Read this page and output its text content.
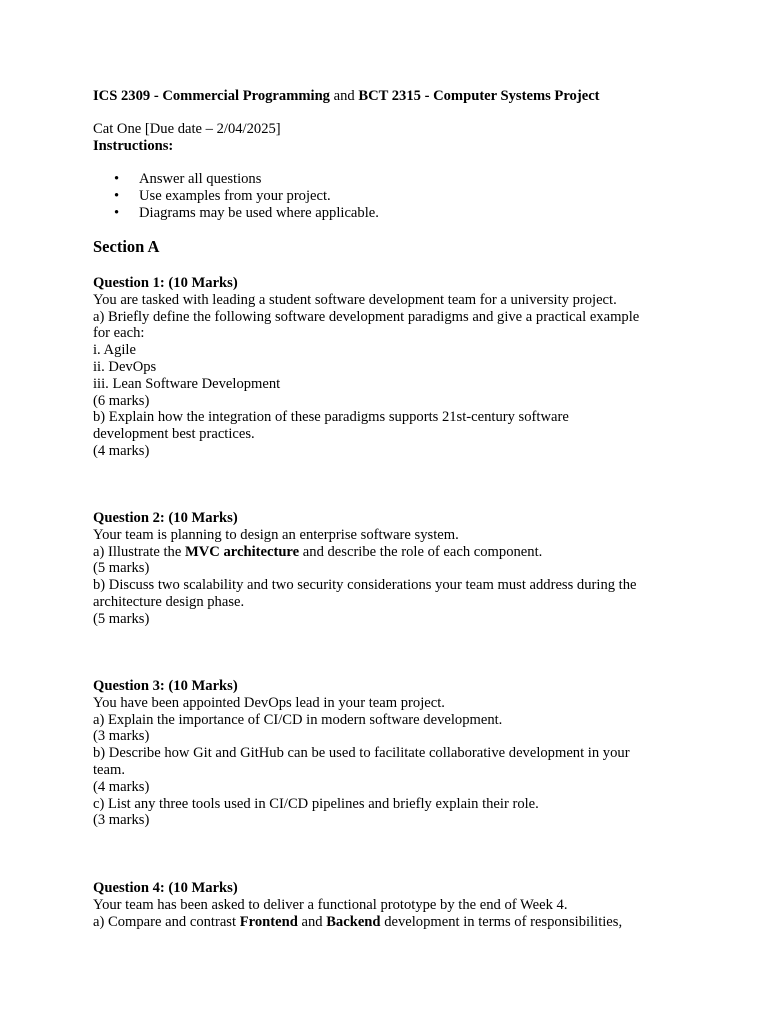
ICS 2309 - Commercial Programming and BCT 2315 - Computer Systems Project
Cat One [Due date – 2/04/2025]
Instructions:
• Answer all questions
• Use examples from your project.
• Diagrams may be used where applicable.
Section A
Question 1: (10 Marks)
You are tasked with leading a student software development team for a university project.
a) Briefly define the following software development paradigms and give a practical example
for each:
i. Agile
ii. DevOps
iii. Lean Software Development
(6 marks)
b) Explain how the integration of these paradigms supports 21st-century software
development best practices.
(4 marks)
Question 2: (10 Marks)
Your team is planning to design an enterprise software system.
a) Illustrate the MVC architecture and describe the role of each component.
(5 marks)
b) Discuss two scalability and two security considerations your team must address during the
architecture design phase.
(5 marks)
Question 3: (10 Marks)
You have been appointed DevOps lead in your team project.
a) Explain the importance of CI/CD in modern software development.
(3 marks)
b) Describe how Git and GitHub can be used to facilitate collaborative development in your
team.
(4 marks)
c) List any three tools used in CI/CD pipelines and briefly explain their role.
(3 marks)
Question 4: (10 Marks)
Your team has been asked to deliver a functional prototype by the end of Week 4.
a) Compare and contrast Frontend and Backend development in terms of responsibilities,
